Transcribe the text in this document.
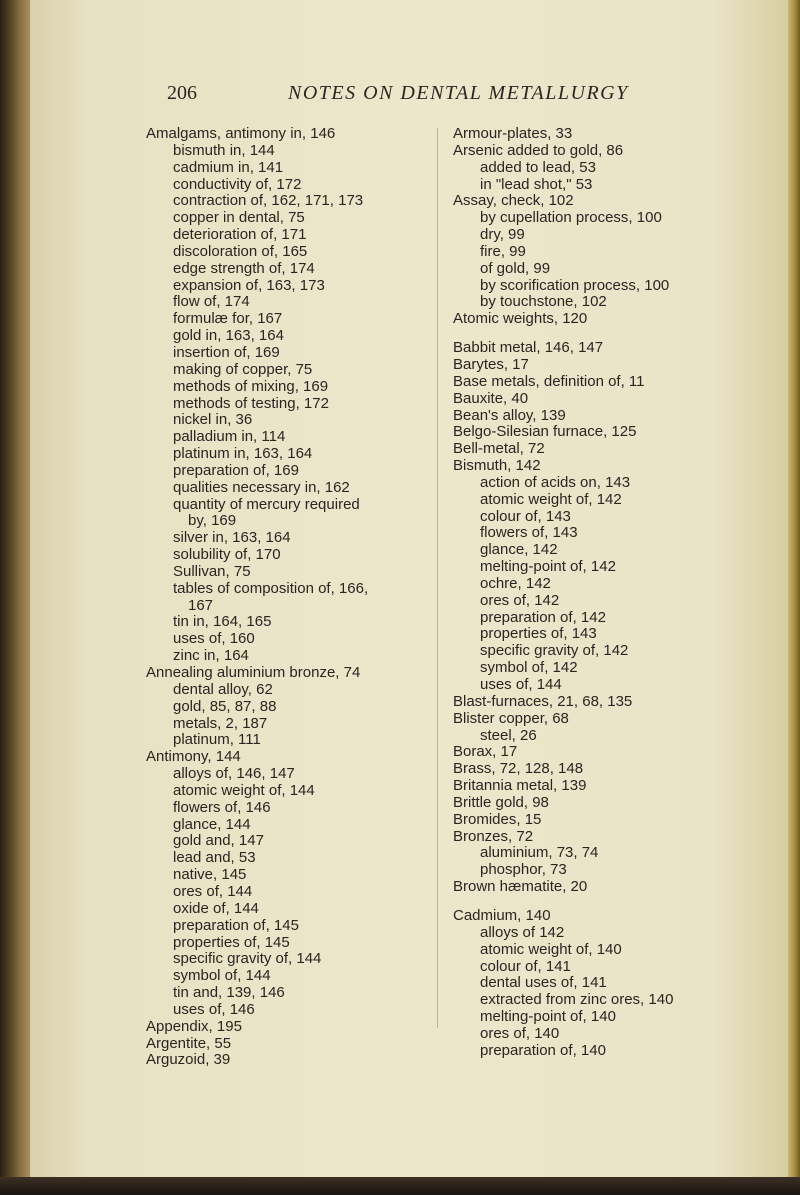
206	NOTES ON DENTAL METALLURGY
Amalgams, antimony in, 146
bismuth in, 144
cadmium in, 141
conductivity of, 172
contraction of, 162, 171, 173
copper in dental, 75
deterioration of, 171
discoloration of, 165
edge strength of, 174
expansion of, 163, 173
flow of, 174
formulæ for, 167
gold in, 163, 164
insertion of, 169
making of copper, 75
methods of mixing, 169
methods of testing, 172
nickel in, 36
palladium in, 114
platinum in, 163, 164
preparation of, 169
qualities necessary in, 162
quantity of mercury required
by, 169
silver in, 163, 164
solubility of, 170
Sullivan, 75
tables of composition of, 166,
167
tin in, 164, 165
uses of, 160
zinc in, 164
Annealing aluminium bronze, 74
dental alloy, 62
gold, 85, 87, 88
metals, 2, 187
platinum, 111
Antimony, 144
alloys of, 146, 147
atomic weight of, 144
flowers of, 146
glance, 144
gold and, 147
lead and, 53
native, 145
ores of, 144
oxide of, 144
preparation of, 145
properties of, 145
specific gravity of, 144
symbol of, 144
tin and, 139, 146
uses of, 146
Appendix, 195
Argentite, 55
Arguzoid, 39
Armour-plates, 33
Arsenic added to gold, 86
added to lead, 53
in "lead shot," 53
Assay, check, 102
by cupellation process, 100
dry, 99
fire, 99
of gold, 99
by scorification process, 100
by touchstone, 102
Atomic weights, 120
Babbit metal, 146, 147
Barytes, 17
Base metals, definition of, 11
Bauxite, 40
Bean's alloy, 139
Belgo-Silesian furnace, 125
Bell-metal, 72
Bismuth, 142
action of acids on, 143
atomic weight of, 142
colour of, 143
flowers of, 143
glance, 142
melting-point of, 142
ochre, 142
ores of, 142
preparation of, 142
properties of, 143
specific gravity of, 142
symbol of, 142
uses of, 144
Blast-furnaces, 21, 68, 135
Blister copper, 68
steel, 26
Borax, 17
Brass, 72, 128, 148
Britannia metal, 139
Brittle gold, 98
Bromides, 15
Bronzes, 72
aluminium, 73, 74
phosphor, 73
Brown hæmatite, 20
Cadmium, 140
alloys of 142
atomic weight of, 140
colour of, 141
dental uses of, 141
extracted from zinc ores, 140
melting-point of, 140
ores of, 140
preparation of, 140
